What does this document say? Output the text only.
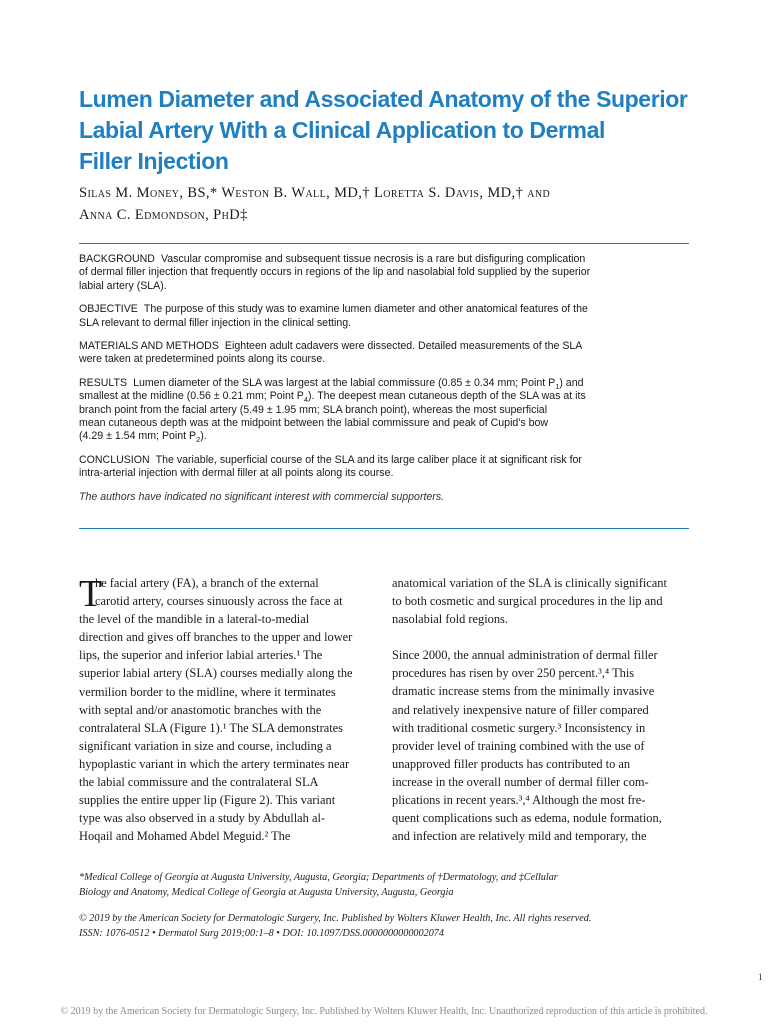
Lumen Diameter and Associated Anatomy of the Superior
Labial Artery With a Clinical Application to Dermal
Filler Injection
Silas M. Money, BS,* Weston B. Wall, MD,† Loretta S. Davis, MD,† and
Anna C. Edmondson, PhD‡

BACKGROUND Vascular compromise and subsequent tissue necrosis is a rare but disfiguring complication
of dermal filler injection that frequently occurs in regions of the lip and nasolabial fold supplied by the superior
labial artery (SLA).

OBJECTIVE The purpose of this study was to examine lumen diameter and other anatomical features of the
SLA relevant to dermal filler injection in the clinical setting.

MATERIALS AND METHODS Eighteen adult cadavers were dissected. Detailed measurements of the SLA
were taken at predetermined points along its course.

RESULTS Lumen diameter of the SLA was largest at the labial commissure (0.85 ± 0.34 mm; Point $P_1$) and
smallest at the midline (0.56 ± 0.21 mm; Point $P_4$). The deepest mean cutaneous depth of the SLA was at its
branch point from the facial artery (5.49 ± 1.95 mm; SLA branch point), whereas the most superficial
mean cutaneous depth was at the midpoint between the labial commissure and peak of Cupid's bow
(4.29 ± 1.54 mm; Point $P_2$).

CONCLUSION The variable, superficial course of the SLA and its large caliber place it at significant risk for
intra-arterial injection with dermal filler at all points along its course.

The authors have indicated no significant interest with commercial supporters.

T
he facial artery (FA), a branch of the external
carotid artery, courses sinuously across the face at
the level of the mandible in a lateral-to-medial
direction and gives off branches to the upper and lower
lips, the superior and inferior labial arteries.¹ The
superior labial artery (SLA) courses medially along the
vermilion border to the midline, where it terminates
with septal and/or anastomotic branches with the
contralateral SLA (Figure 1).¹ The SLA demonstrates
significant variation in size and course, including a
hypoplastic variant in which the artery terminates near
the labial commissure and the contralateral SLA
supplies the entire upper lip (Figure 2). This variant
type was also observed in a study by Abdullah al-
Hoqail and Mohamed Abdel Meguid.² The
anatomical variation of the SLA is clinically significant
to both cosmetic and surgical procedures in the lip and
nasolabial fold regions.
Since 2000, the annual administration of dermal filler
procedures has risen by over 250 percent.³,⁴ This
dramatic increase stems from the minimally invasive
and relatively inexpensive nature of filler compared
with traditional cosmetic surgery.³ Inconsistency in
provider level of training combined with the use of
unapproved filler products has contributed to an
increase in the overall number of dermal filler com-
plications in recent years.³,⁴ Although the most fre-
quent complications such as edema, nodule formation,
and infection are relatively mild and temporary, the
*Medical College of Georgia at Augusta University, Augusta, Georgia; Departments of †Dermatology, and ‡Cellular
Biology and Anatomy, Medical College of Georgia at Augusta University, Augusta, Georgia
© 2019 by the American Society for Dermatologic Surgery, Inc. Published by Wolters Kluwer Health, Inc. All rights reserved.
ISSN: 1076-0512 • Dermatol Surg 2019;00:1–8 • DOI: 10.1097/DSS.0000000000002074
1
© 2019 by the American Society for Dermatologic Surgery, Inc. Published by Wolters Kluwer Health, Inc. Unauthorized reproduction of this article is prohibited.
